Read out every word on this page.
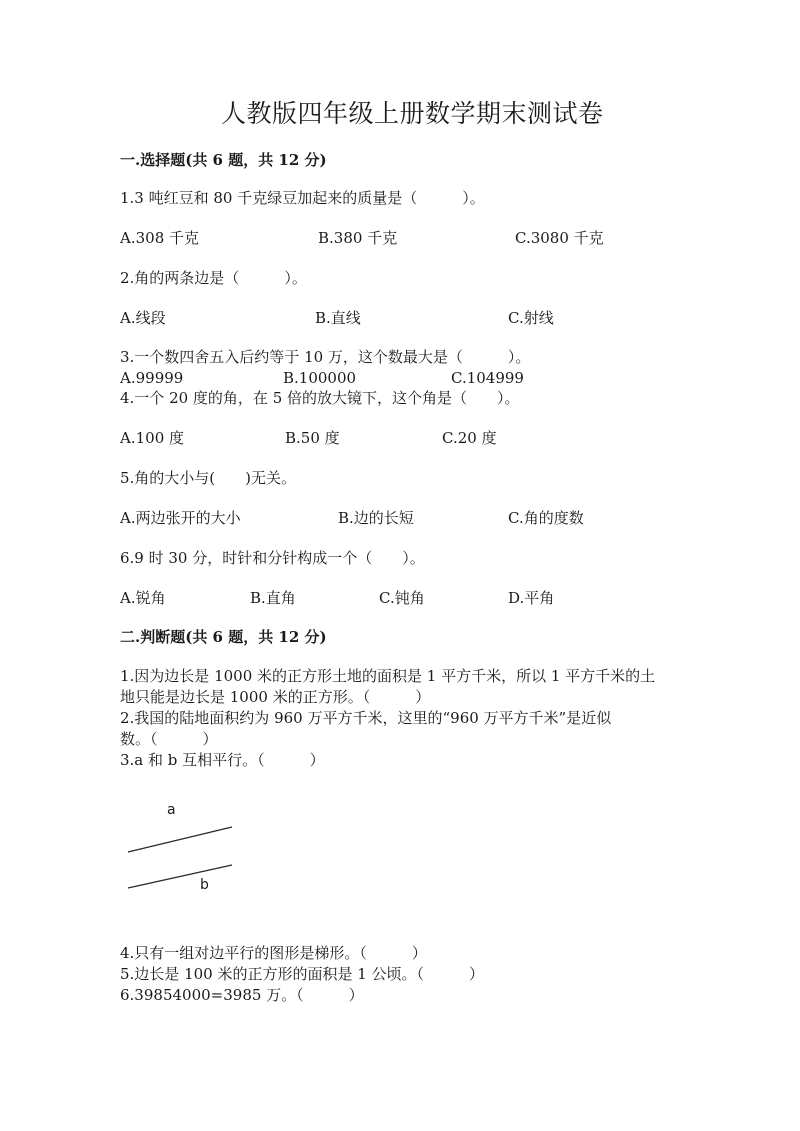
人教版四年级上册数学期末测试卷
一.选择题(共 6 题，共 12 分)
1.3 吨红豆和 80 千克绿豆加起来的质量是（　　　）。
A.308 千克	B.380 千克	C.3080 千克
2.角的两条边是（　　　）。
A.线段	B.直线	C.射线
3.一个数四舍五入后约等于 10 万，这个数最大是（　　　）。
A.99999	B.100000	C.104999
4.一个 20 度的角，在 5 倍的放大镜下，这个角是（　　）。
A.100 度	B.50 度	C.20 度
5.角的大小与(　　)无关。
A.两边张开的大小	B.边的长短	C.角的度数
6.9 时 30 分，时针和分针构成一个（　　）。
A.锐角	B.直角	C.钝角	D.平角
二.判断题(共 6 题，共 12 分)
1.因为边长是 1000 米的正方形土地的面积是 1 平方千米，所以 1 平方千米的土
地只能是边长是 1000 米的正方形。（　　　）
2.我国的陆地面积约为 960 万平方千米，这里的“960 万平方千米”是近似
数。（　　　）
3.a 和 b 互相平行。（　　　）
a
b
4.只有一组对边平行的图形是梯形。（　　　）
5.边长是 100 米的正方形的面积是 1 公顷。（　　　）
6.39854000=3985 万。（　　　）
